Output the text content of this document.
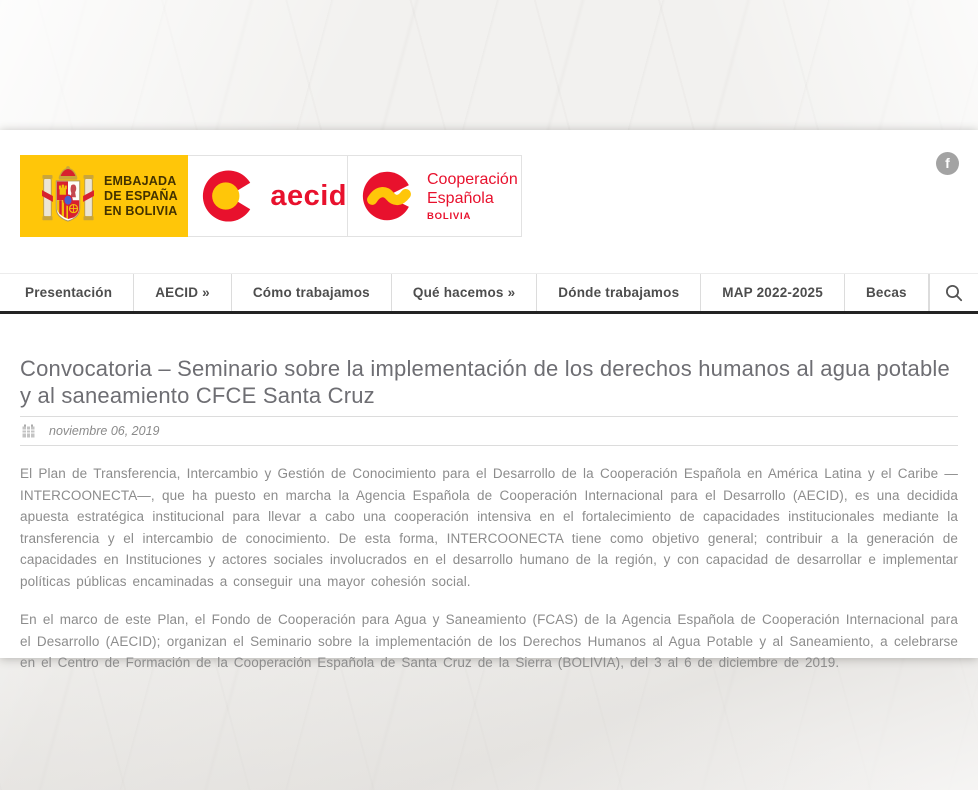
EMBAJADA
DE ESPAÑA
EN BOLIVIA	aecid	Cooperación
Española
BOLIVIA
f
Presentación	AECID »	Cómo trabajamos	Qué hacemos »	Dónde trabajamos	MAP 2022-2025	Becas
Convocatoria – Seminario sobre la implementación de los derechos humanos al agua potable y al saneamiento CFCE Santa Cruz
noviembre 06, 2019

El Plan de Transferencia, Intercambio y Gestión de Conocimiento para el Desarrollo de la Cooperación Española en América Latina y el Caribe — INTERCOONECTA—, que ha puesto en marcha la Agencia Española de Cooperación Internacional para el Desarrollo (AECID), es una decidida apuesta estratégica institucional para llevar a cabo una cooperación intensiva en el fortalecimiento de capacidades institucionales mediante la transferencia y el intercambio de conocimiento. De esta forma, INTERCOONECTA tiene como objetivo general; contribuir a la generación de capacidades en Instituciones y actores sociales involucrados en el desarrollo humano de la región, y con capacidad de desarrollar e implementar políticas públicas encaminadas a conseguir una mayor cohesión social.

En el marco de este Plan, el Fondo de Cooperación para Agua y Saneamiento (FCAS) de la Agencia Española de Cooperación Internacional para el Desarrollo (AECID); organizan el Seminario sobre la implementación de los Derechos Humanos al Agua Potable y al Saneamiento, a celebrarse en el Centro de Formación de la Cooperación Española de Santa Cruz de la Sierra (BOLIVIA), del 3 al 6 de diciembre de 2019.
